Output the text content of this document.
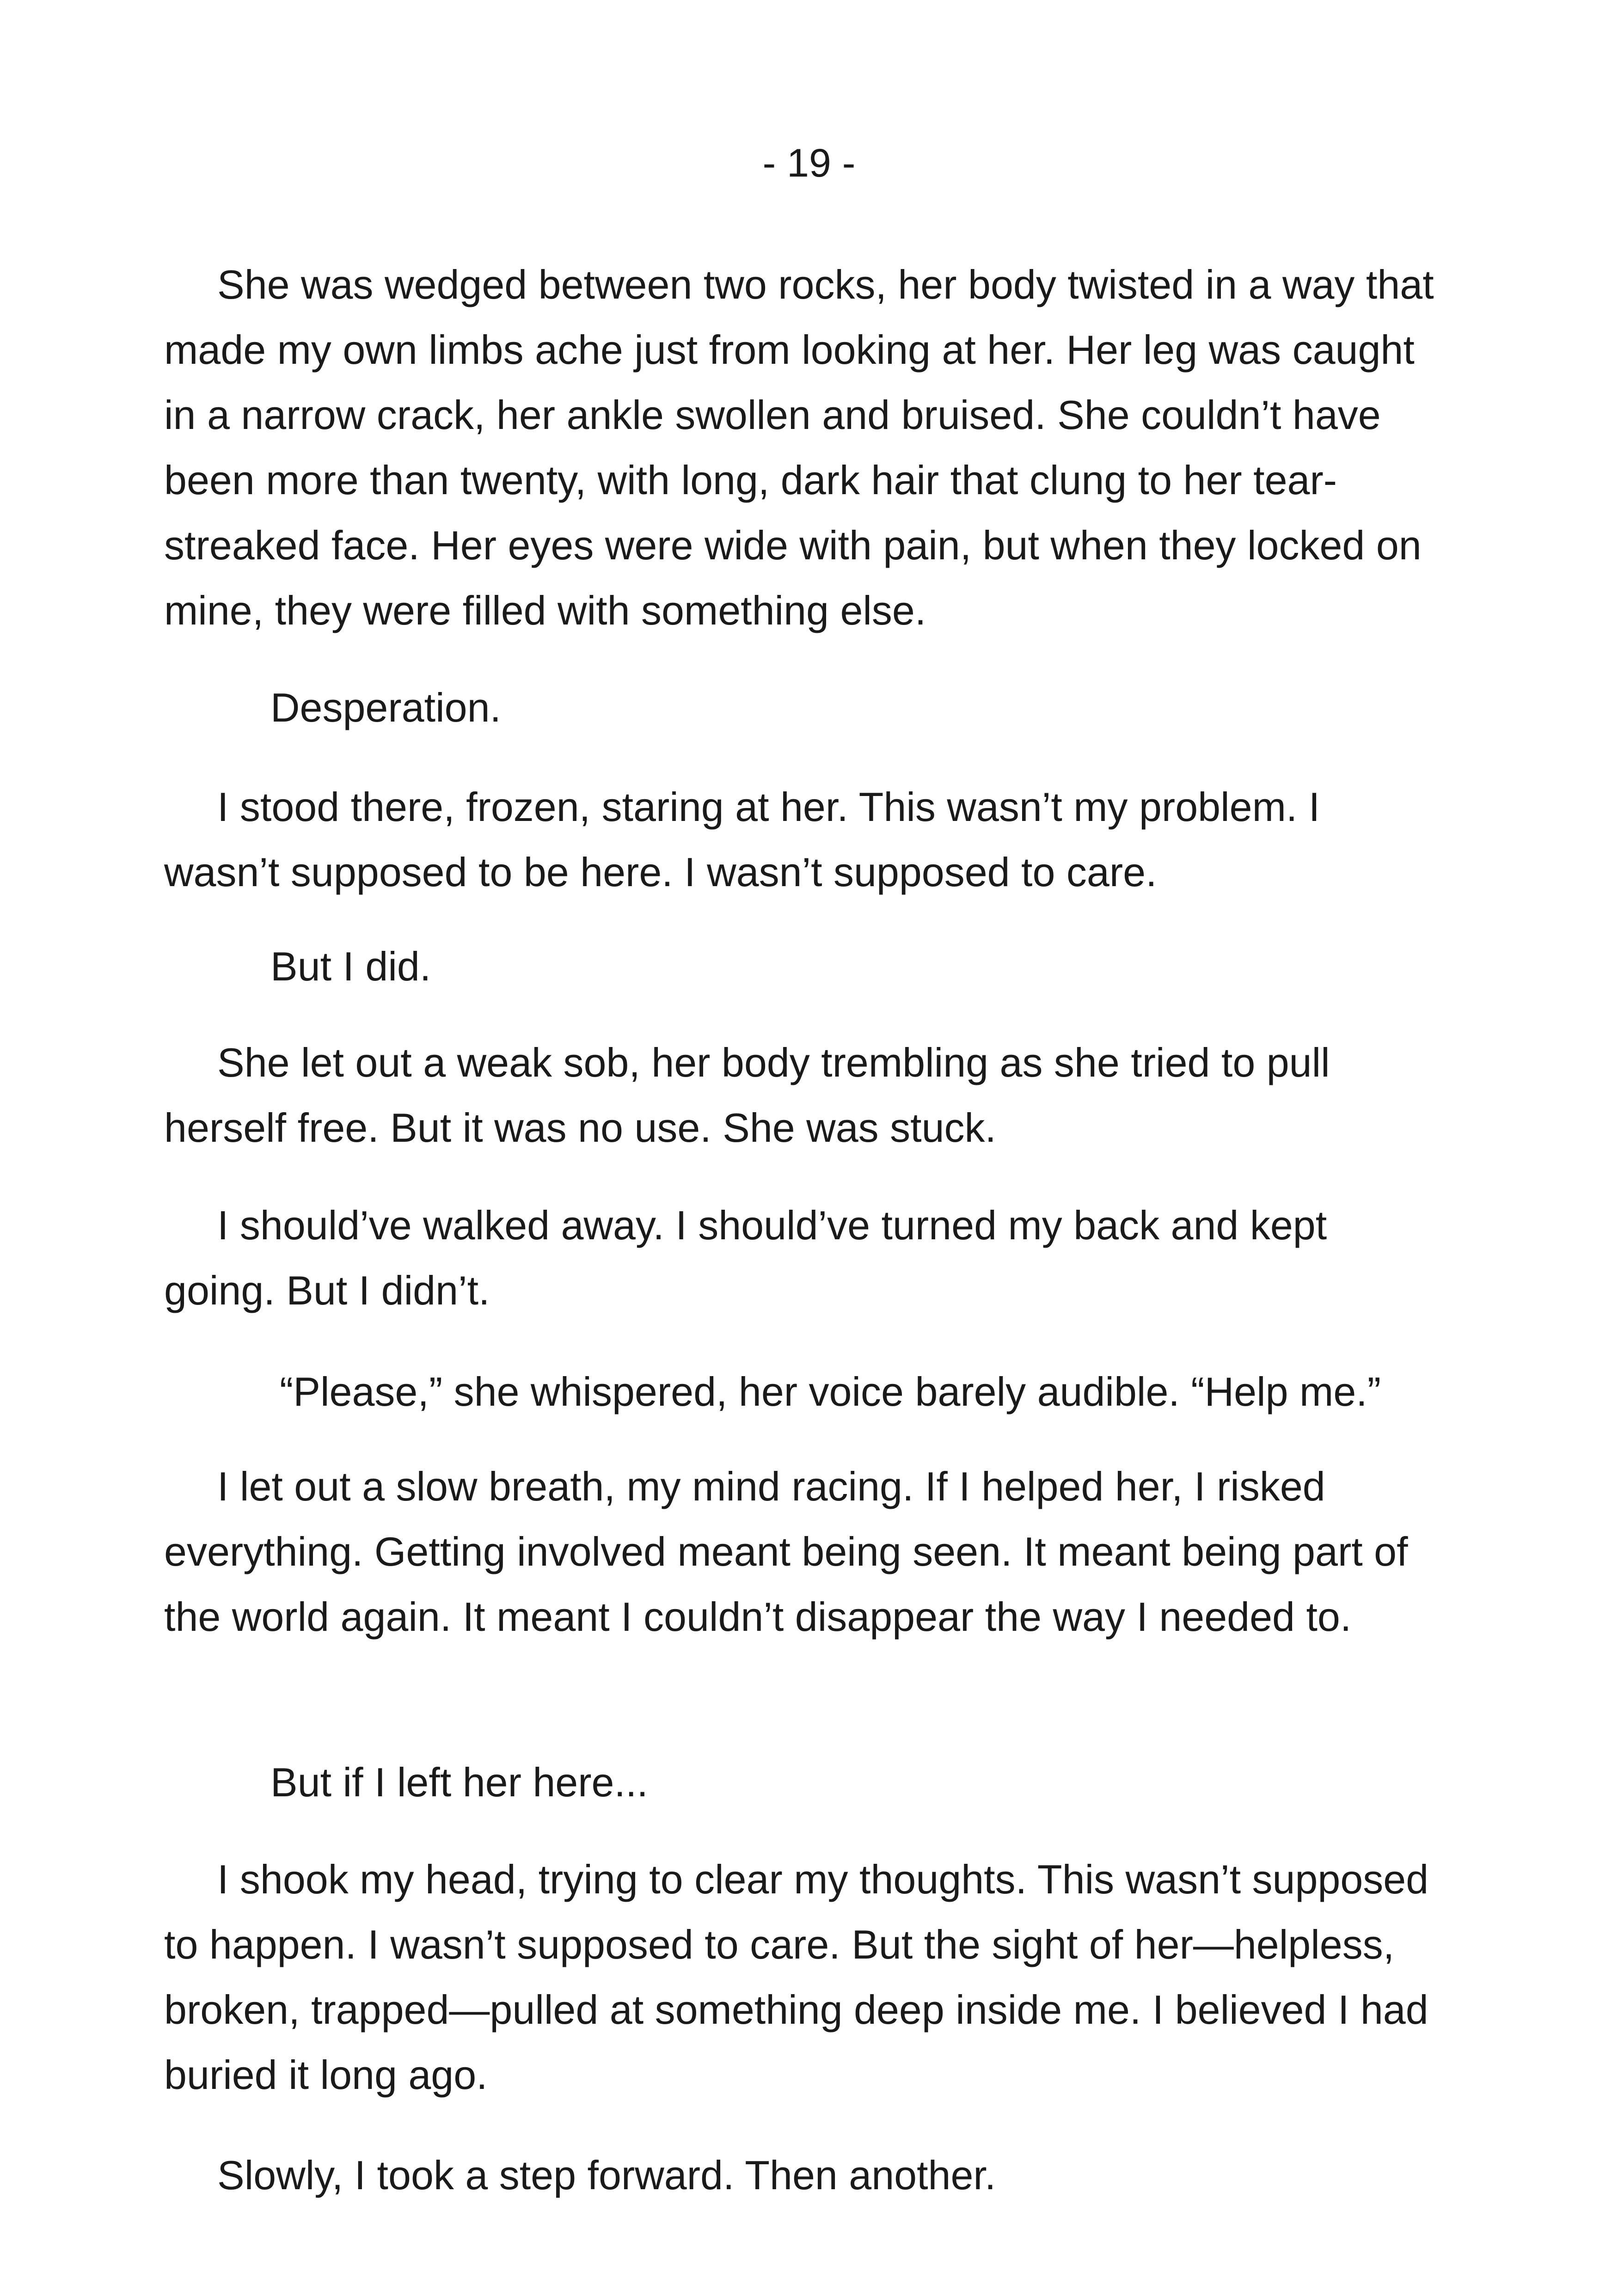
- 19 -

She was wedged between two rocks, her body twisted in a way that made my own limbs ache just from looking at her. Her leg was caught in a narrow crack, her ankle swollen and bruised. She couldn’t have been more than twenty, with long, dark hair that clung to her tear-streaked face. Her eyes were wide with pain, but when they locked on mine, they were filled with something else.

Desperation.

I stood there, frozen, staring at her. This wasn’t my problem. I wasn’t supposed to be here. I wasn’t supposed to care.

But I did.

She let out a weak sob, her body trembling as she tried to pull herself free. But it was no use. She was stuck.

I should’ve walked away. I should’ve turned my back and kept going. But I didn’t.

“Please,” she whispered, her voice barely audible. “Help me.”

I let out a slow breath, my mind racing. If I helped her, I risked everything. Getting involved meant being seen. It meant being part of the world again. It meant I couldn’t disappear the way I needed to.

But if I left her here...

I shook my head, trying to clear my thoughts. This wasn’t supposed to happen. I wasn’t supposed to care. But the sight of her—helpless, broken, trapped—pulled at something deep inside me. I believed I had buried it long ago.

Slowly, I took a step forward. Then another.
